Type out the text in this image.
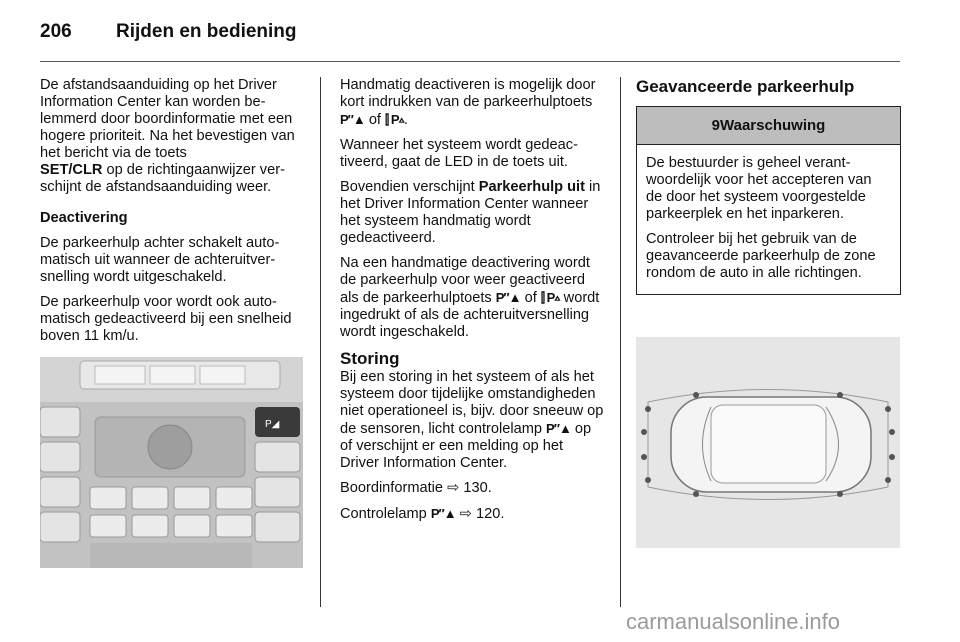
206 Rijden en bediening

De afstandsaanduiding op het Driver Information Center kan worden belemmerd door boordinformatie met een hogere prioriteit. Na het bevestigen van het bericht via de toets
SET/CLR op de richtingaanwijzer verschijnt de afstandsaanduiding weer.

Deactivering

De parkeerhulp achter schakelt automatisch uit wanneer de achteruitversnelling wordt uitgeschakeld.

De parkeerhulp voor wordt ook automatisch gedeactiveerd bij een snelheid boven 11 km/u.

P◢

Handmatig deactiveren is mogelijk door kort indrukken van de parkeerhulptoets P″▲ of ⫿ P▵.

Wanneer het systeem wordt gedeactiveerd, gaat de LED in de toets uit.

Bovendien verschijnt Parkeerhulp uit in het Driver Information Center wanneer het systeem handmatig wordt gedeactiveerd.

Na een handmatige deactivering wordt de parkeerhulp voor weer geactiveerd als de parkeerhulptoets P″▲ of ⫿ P▵ wordt ingedrukt of als de achteruitversnelling wordt ingeschakeld.

Storing

Bij een storing in het systeem of als het systeem door tijdelijke omstandigheden niet operationeel is, bijv. door sneeuw op de sensoren, licht controlelamp P″▲ op of verschijnt er een melding op het Driver Information Center.

Boordinformatie ⇨ 130.

Controlelamp P″▲ ⇨ 120.

Geavanceerde parkeerhulp
9Waarschuwing

De bestuurder is geheel verantwoordelijk voor het accepteren van de door het systeem voorgestelde parkeerplek en het inparkeren.

Controleer bij het gebruik van de geavanceerde parkeerhulp de zone rondom de auto in alle richtingen.

carmanualsonline.info
